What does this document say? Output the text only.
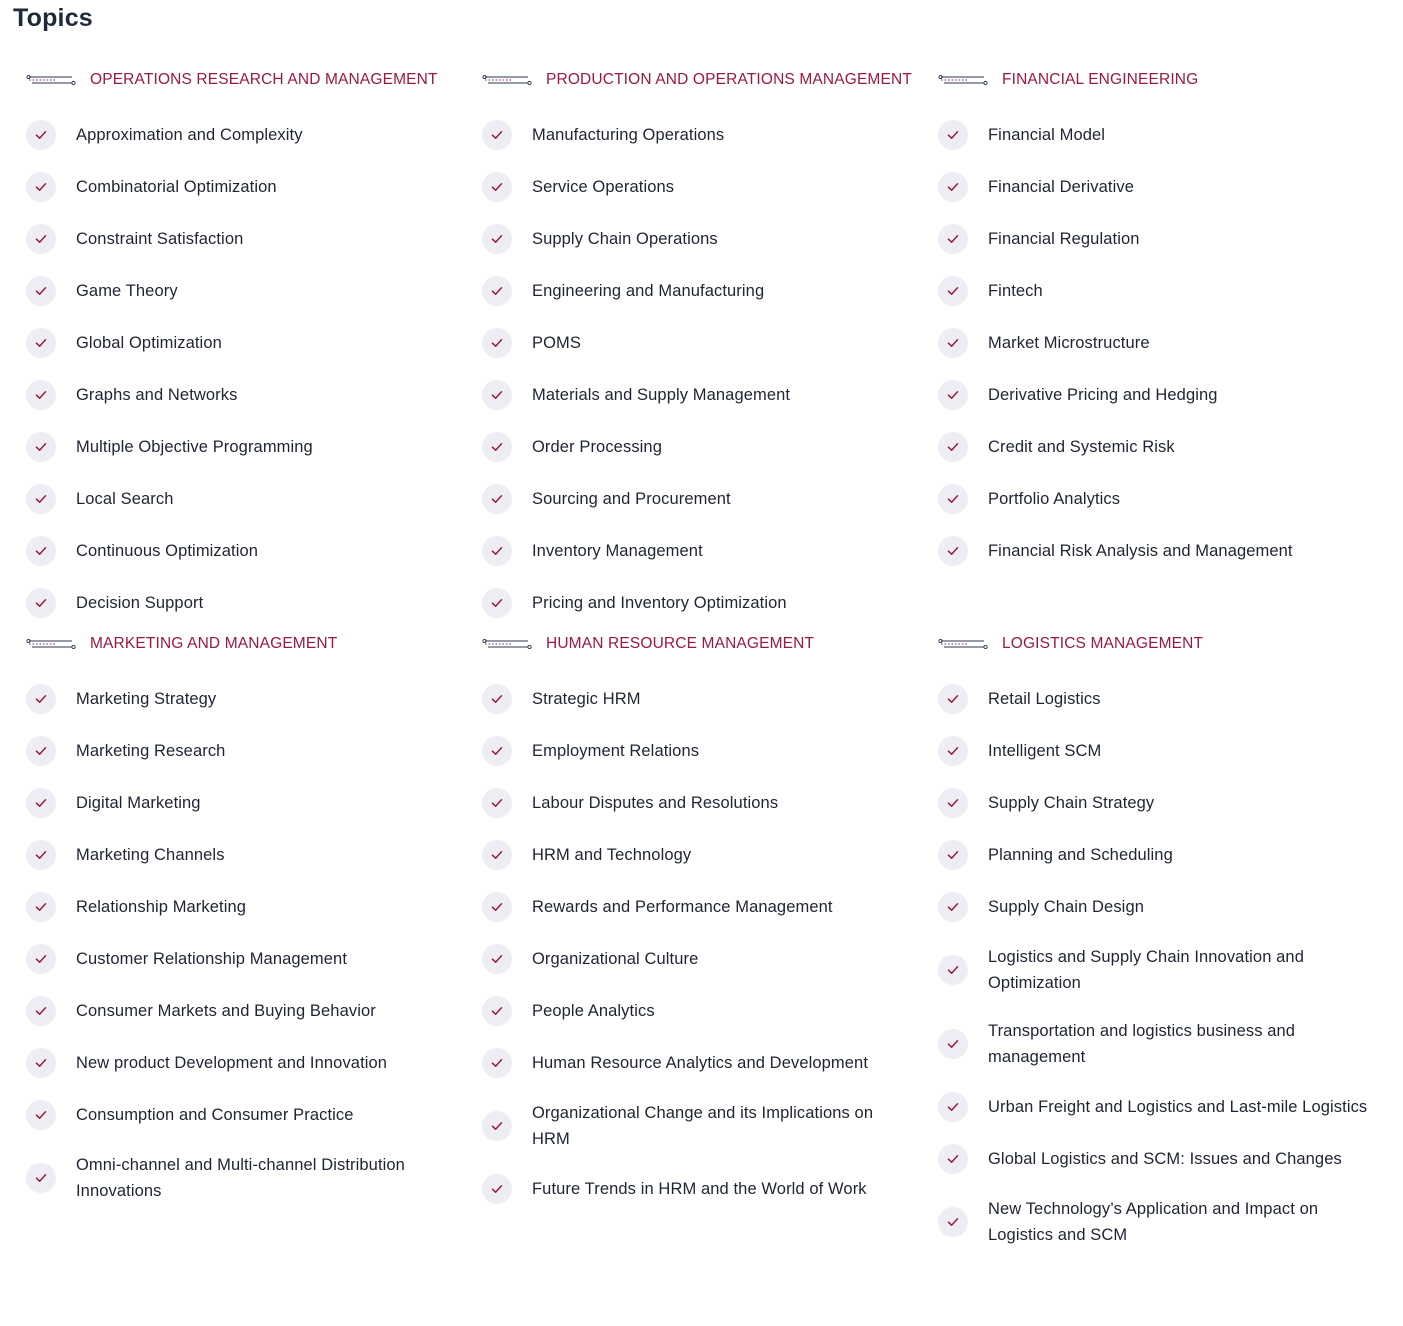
Topics
OPERATIONS RESEARCH AND MANAGEMENT
Approximation and Complexity
Combinatorial Optimization
Constraint Satisfaction
Game Theory
Global Optimization
Graphs and Networks
Multiple Objective Programming
Local Search
Continuous Optimization
Decision Support
PRODUCTION AND OPERATIONS MANAGEMENT
Manufacturing Operations
Service Operations
Supply Chain Operations
Engineering and Manufacturing
POMS
Materials and Supply Management
Order Processing
Sourcing and Procurement
Inventory Management
Pricing and Inventory Optimization
FINANCIAL ENGINEERING
Financial Model
Financial Derivative
Financial Regulation
Fintech
Market Microstructure
Derivative Pricing and Hedging
Credit and Systemic Risk
Portfolio Analytics
Financial Risk Analysis and Management
MARKETING AND MANAGEMENT
Marketing Strategy
Marketing Research
Digital Marketing
Marketing Channels
Relationship Marketing
Customer Relationship Management
Consumer Markets and Buying Behavior
New product Development and Innovation
Consumption and Consumer Practice
Omni-channel and Multi-channel Distribution Innovations
HUMAN RESOURCE MANAGEMENT
Strategic HRM
Employment Relations
Labour Disputes and Resolutions
HRM and Technology
Rewards and Performance Management
Organizational Culture
People Analytics
Human Resource Analytics and Development
Organizational Change and its Implications on HRM
Future Trends in HRM and the World of Work
LOGISTICS MANAGEMENT
Retail Logistics
Intelligent SCM
Supply Chain Strategy
Planning and Scheduling
Supply Chain Design
Logistics and Supply Chain Innovation and Optimization
Transportation and logistics business and management
Urban Freight and Logistics and Last-mile Logistics
Global Logistics and SCM: Issues and Changes
New Technology’s Application and Impact on Logistics and SCM
